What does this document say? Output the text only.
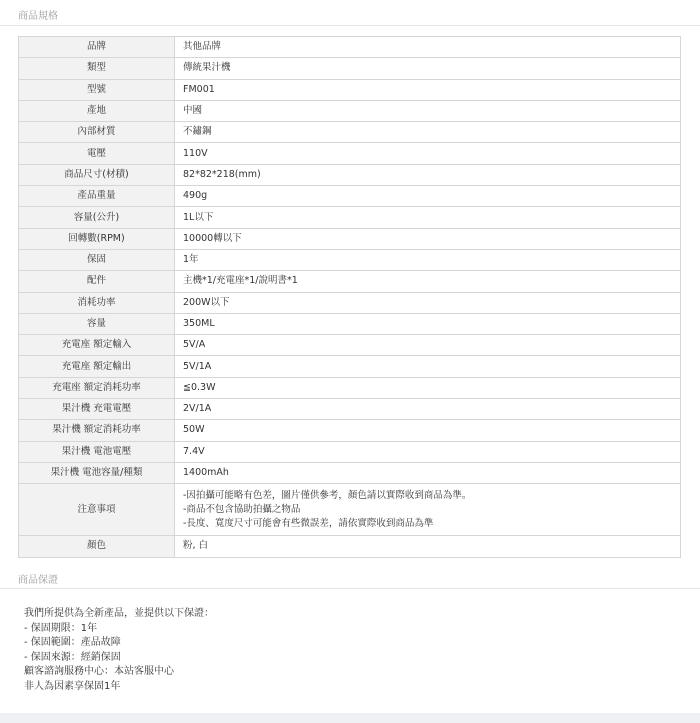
商品規格
品牌	其他品牌
類型	傳統果汁機
型號	FM001
產地	中國
內部材質	不鏽鋼
電壓	110V
商品尺寸(材積)	82*82*218(mm)
產品重量	490g
容量(公升)	1L以下
回轉數(RPM)	10000轉以下
保固	1年
配件	主機*1/充電座*1/說明書*1
消耗功率	200W以下
容量	350ML
充電座 額定輸入	5V/A
充電座 額定輸出	5V/1A
充電座 額定消耗功率	≦0.3W
果汁機 充電電壓	2V/1A
果汁機 額定消耗功率	50W
果汁機 電池電壓	7.4V
果汁機 電池容量/種類	1400mAh
注意事項	-因拍攝可能略有色差，圖片僅供參考，顏色請以實際收到商品為準。
-商品不包含協助拍攝之物品
-長度、寬度尺寸可能會有些微誤差，請依實際收到商品為準

顏色	粉, 白
商品保證
我們所提供為全新產品，並提供以下保證：
- 保固期限：1年
- 保固範圍：產品故障
- 保固來源：經銷保固
顧客諮詢服務中心：本站客服中心
非人為因素享保固1年
